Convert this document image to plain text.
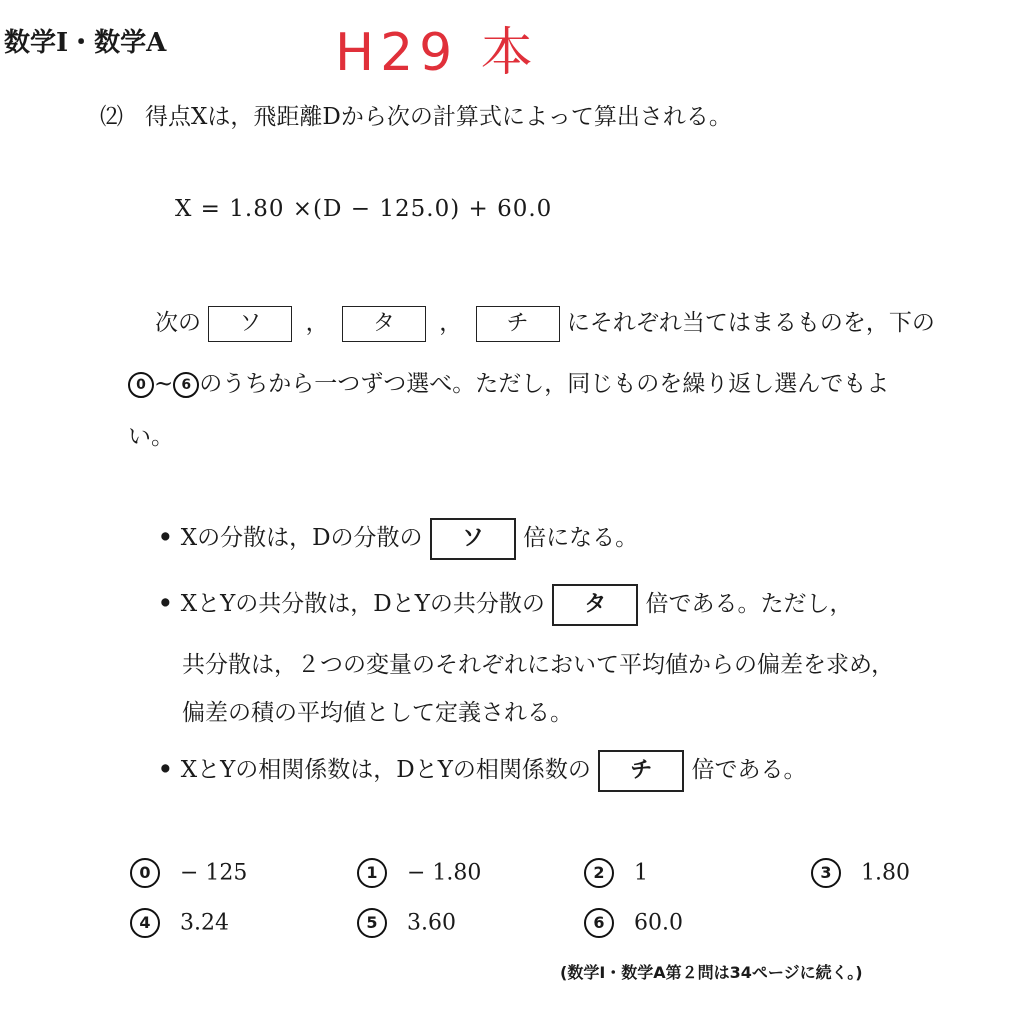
数学Ⅰ・数学A	H29 本
⑵ 得点Xは，飛距離Dから次の計算式によって算出される。
X = 1.80 ×(D − 125.0) + 60.0
次の ソ ， タ ， チ にそれぞれ当てはまるものを，下の
0 ~ 6 のうちから一つずつ選べ。ただし，同じものを繰り返し選んでもよ
い。
• Xの分散は，Dの分散の ソ 倍になる。
• XとYの共分散は，DとYの共分散の タ 倍である。ただし，
共分散は，２つの変量のそれぞれにおいて平均値からの偏差を求め，
偏差の積の平均値として定義される。
• XとYの相関係数は，DとYの相関係数の チ 倍である。
0 − 125	1 − 1.80	2 1	3 1.80
4 3.24	5 3.60	6 60.0
(数学Ⅰ・数学A第２問は34ページに続く。)
